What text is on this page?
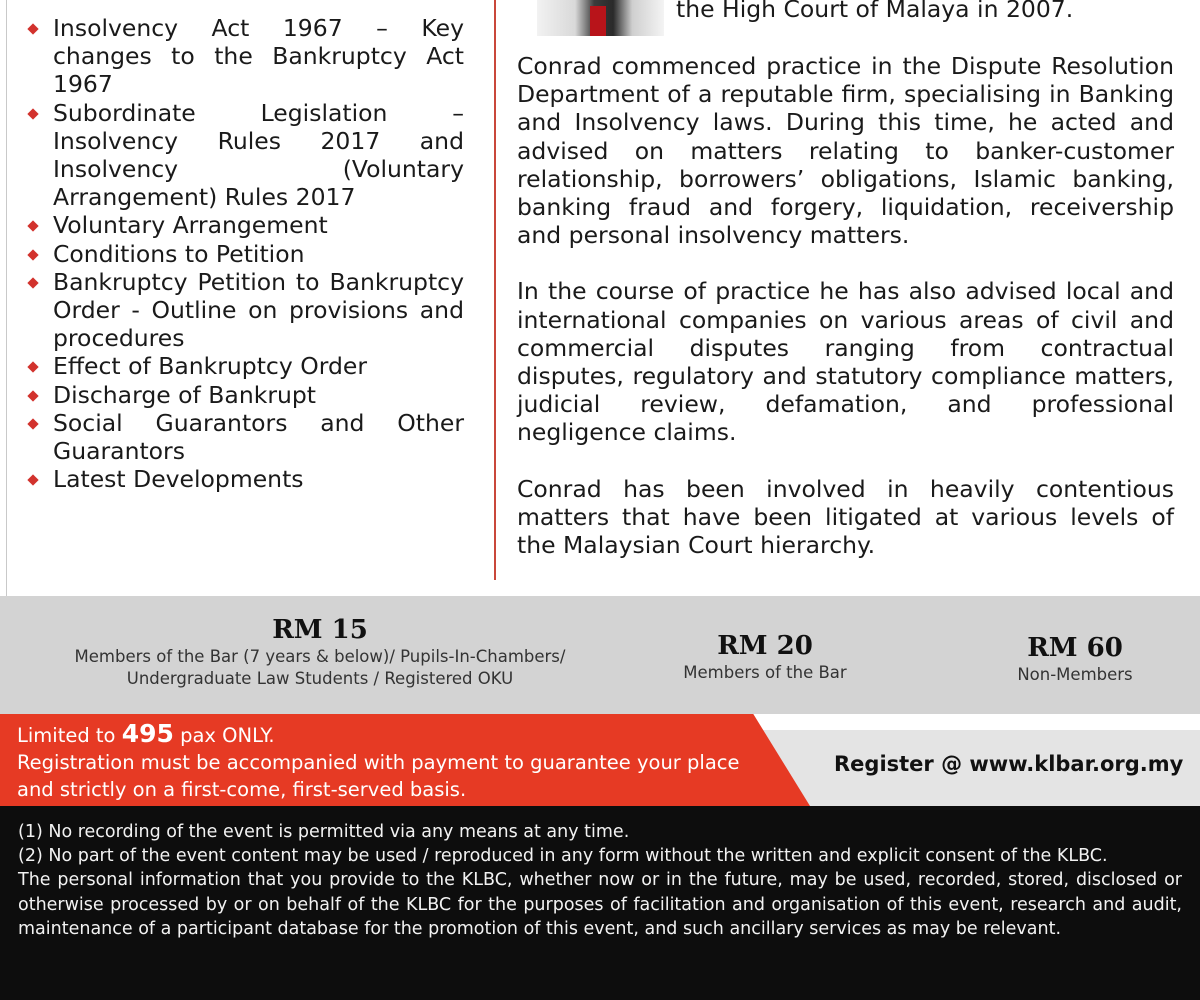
Insolvency Act 1967 – Key changes to the Bankruptcy Act 1967
Subordinate Legislation – Insolvency Rules 2017 and Insolvency (Voluntary Arrangement) Rules 2017
Voluntary Arrangement
Conditions to Petition
Bankruptcy Petition to Bankruptcy Order - Outline on provisions and procedures
Effect of Bankruptcy Order
Discharge of Bankrupt
Social Guarantors and Other Guarantors
Latest Developments
the High Court of Malaya in 2007.

Conrad commenced practice in the Dispute Resolution Department of a reputable firm, specialising in Banking and Insolvency laws. During this time, he acted and advised on matters relating to banker-customer relationship, borrowers’ obligations, Islamic banking, banking fraud and forgery, liquidation, receivership and personal insolvency matters.

In the course of practice he has also advised local and international companies on various areas of civil and commercial disputes ranging from contractual disputes, regulatory and statutory compliance matters, judicial review, defamation, and professional negligence claims.

Conrad has been involved in heavily contentious matters that have been litigated at various levels of the Malaysian Court hierarchy.

RM 15
Members of the Bar (7 years & below)/ Pupils-In-Chambers/
Undergraduate Law Students / Registered OKU
RM 20
Members of the Bar
RM 60
Non-Members
Limited to 495 pax ONLY.
Registration must be accompanied with payment to guarantee your place and strictly on a first-come, first-served basis.
Register @ www.klbar.org.my

(1) No recording of the event is permitted via any means at any time.

(2) No part of the event content may be used / reproduced in any form without the written and explicit consent of the KLBC.

The personal information that you provide to the KLBC, whether now or in the future, may be used, recorded, stored, disclosed or otherwise processed by or on behalf of the KLBC for the purposes of facilitation and organisation of this event, research and audit, maintenance of a participant database for the promotion of this event, and such ancillary services as may be relevant.
